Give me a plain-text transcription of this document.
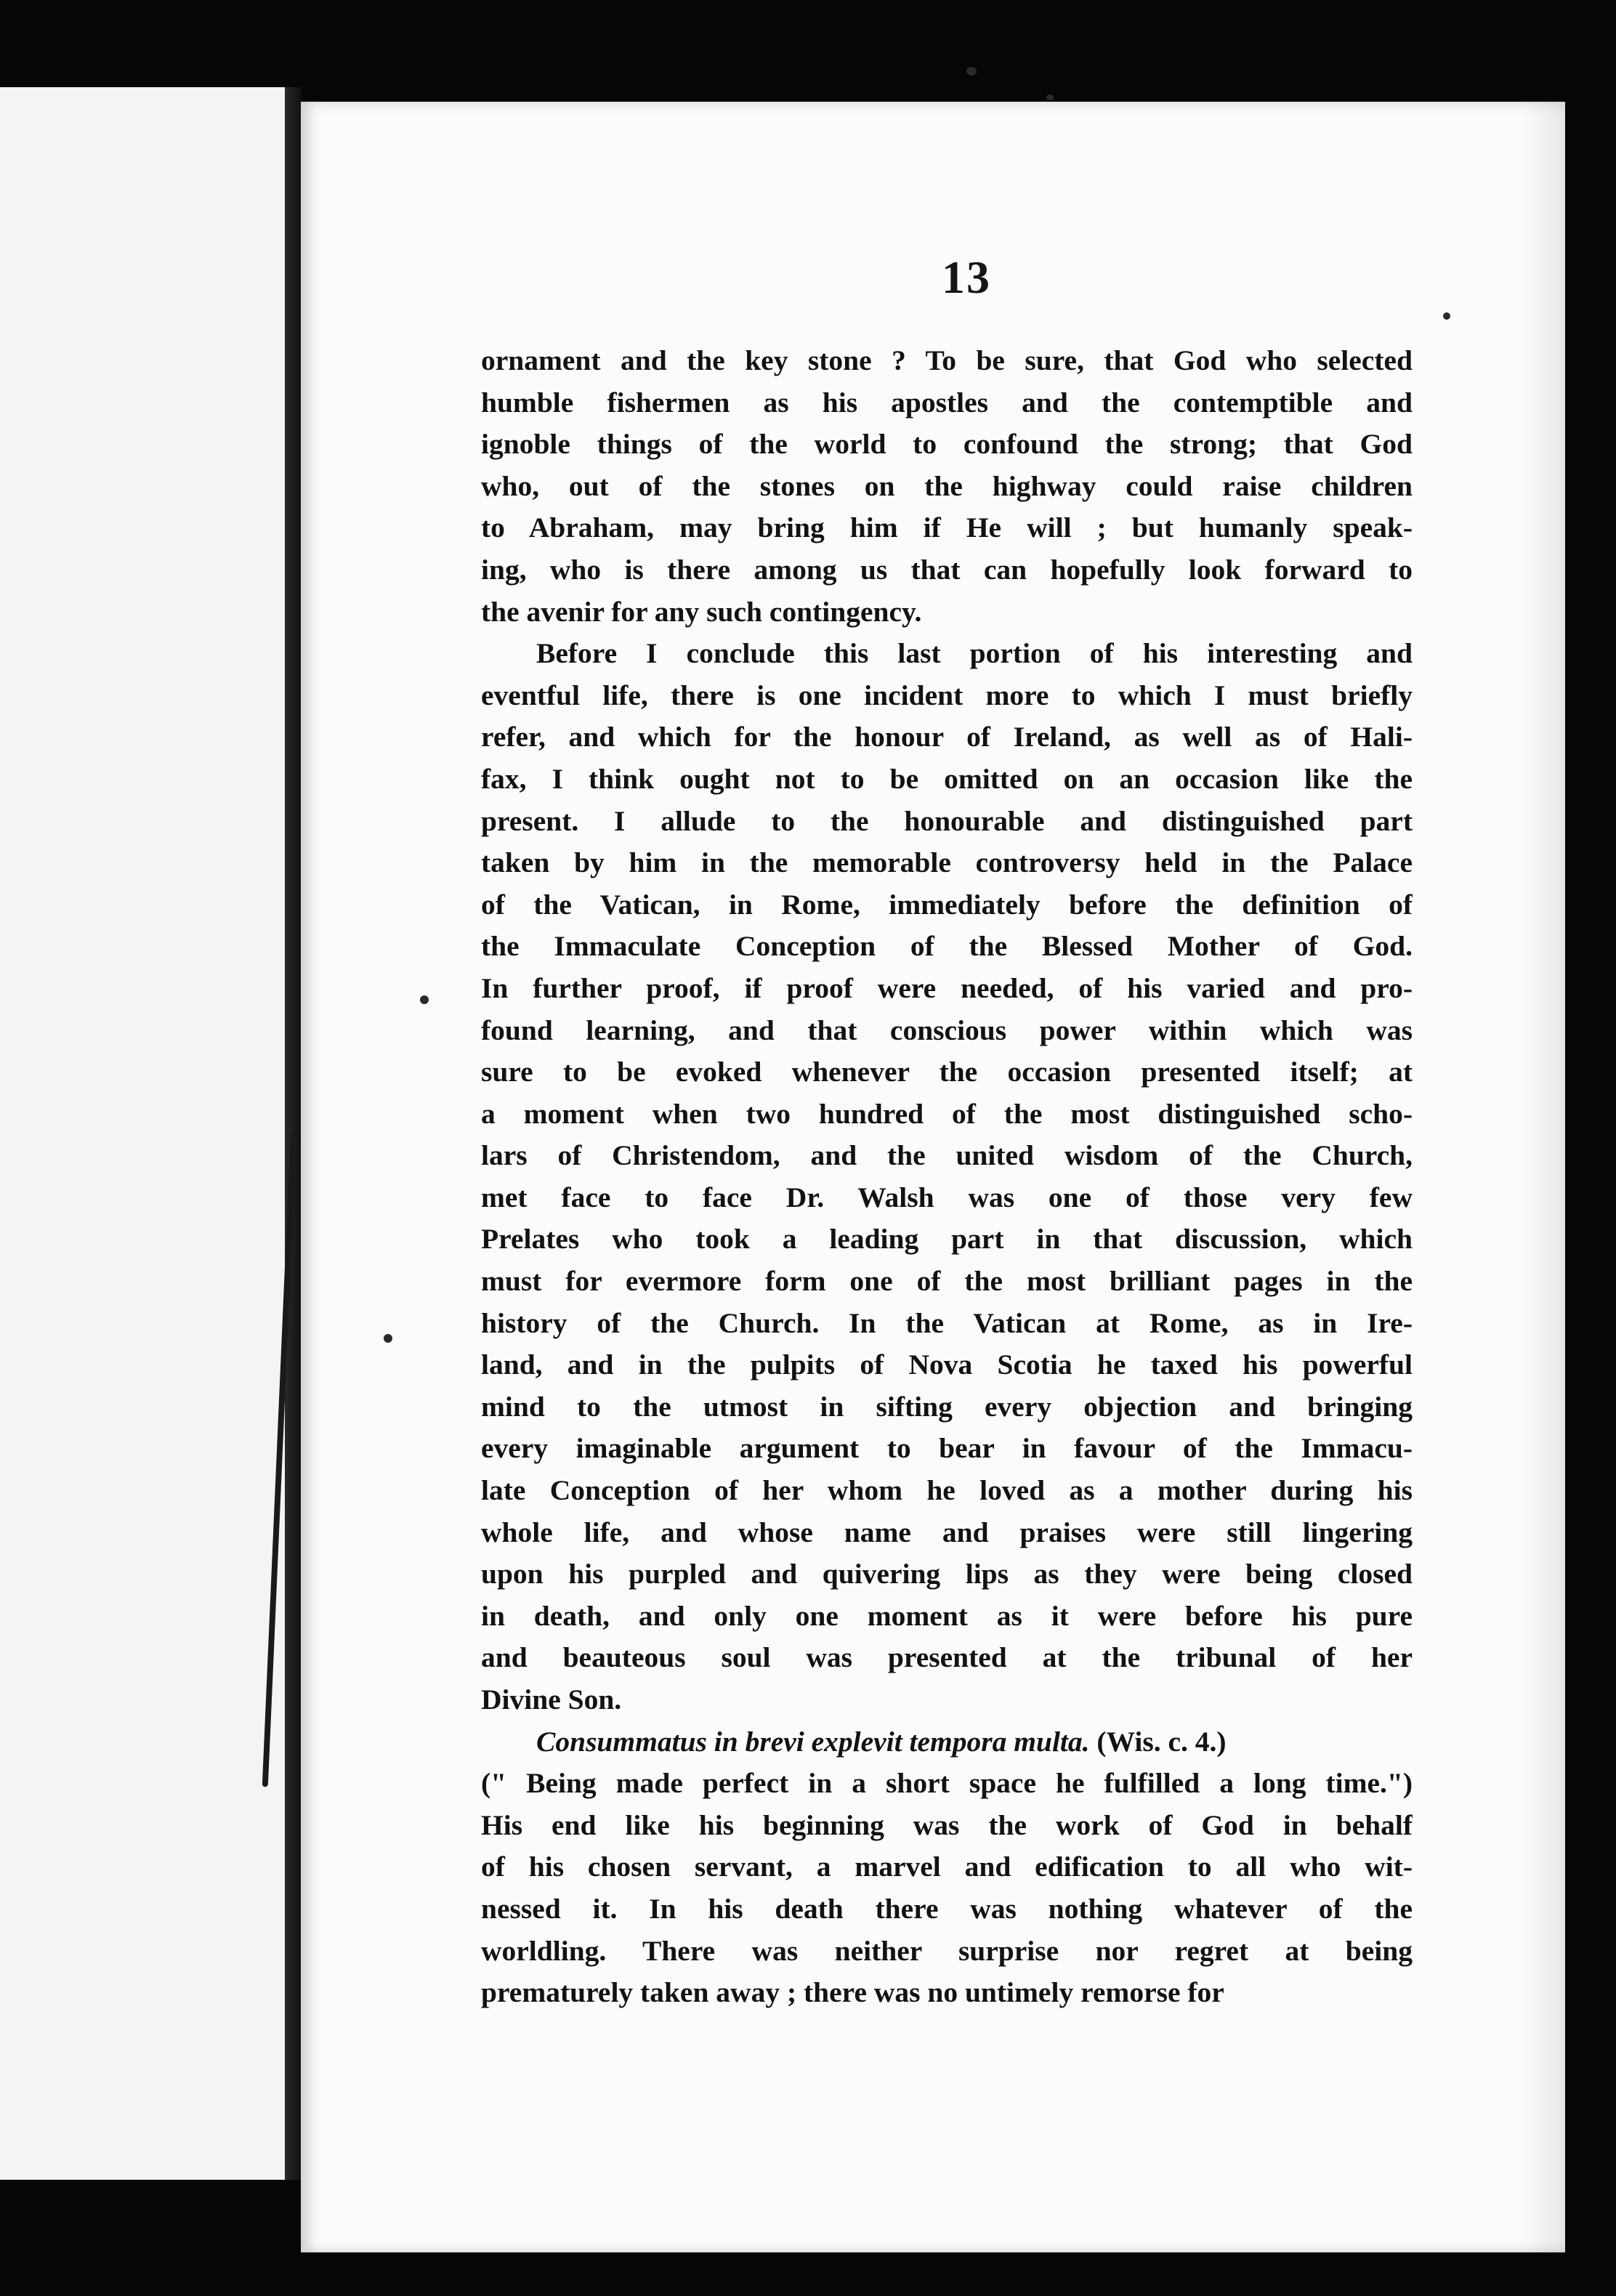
13
ornament and the key stone ? To be sure, that God who selected
humble fishermen as his apostles and the contemptible and
ignoble things of the world to confound the strong; that God
who, out of the stones on the highway could raise children
to Abraham, may bring him if He will ; but humanly speak-
ing, who is there among us that can hopefully look forward to
the avenir for any such contingency.
Before I conclude this last portion of his interesting and
eventful life, there is one incident more to which I must briefly
refer, and which for the honour of Ireland, as well as of Hali-
fax, I think ought not to be omitted on an occasion like the
present. I allude to the honourable and distinguished part
taken by him in the memorable controversy held in the Palace
of the Vatican, in Rome, immediately before the definition of
the Immaculate Conception of the Blessed Mother of God.
In further proof, if proof were needed, of his varied and pro-
found learning, and that conscious power within which was
sure to be evoked whenever the occasion presented itself; at
a moment when two hundred of the most distinguished scho-
lars of Christendom, and the united wisdom of the Church,
met face to face Dr. Walsh was one of those very few
Prelates who took a leading part in that discussion, which
must for evermore form one of the most brilliant pages in the
history of the Church. In the Vatican at Rome, as in Ire-
land, and in the pulpits of Nova Scotia he taxed his powerful
mind to the utmost in sifting every objection and bringing
every imaginable argument to bear in favour of the Immacu-
late Conception of her whom he loved as a mother during his
whole life, and whose name and praises were still lingering
upon his purpled and quivering lips as they were being closed
in death, and only one moment as it were before his pure
and beauteous soul was presented at the tribunal of her
Divine Son.
Consummatus in brevi explevit tempora multa. (Wis. c. 4.)
(" Being made perfect in a short space he fulfilled a long time.")
His end like his beginning was the work of God in behalf
of his chosen servant, a marvel and edification to all who wit-
nessed it. In his death there was nothing whatever of the
worldling. There was neither surprise nor regret at being
prematurely taken away ; there was no untimely remorse for
